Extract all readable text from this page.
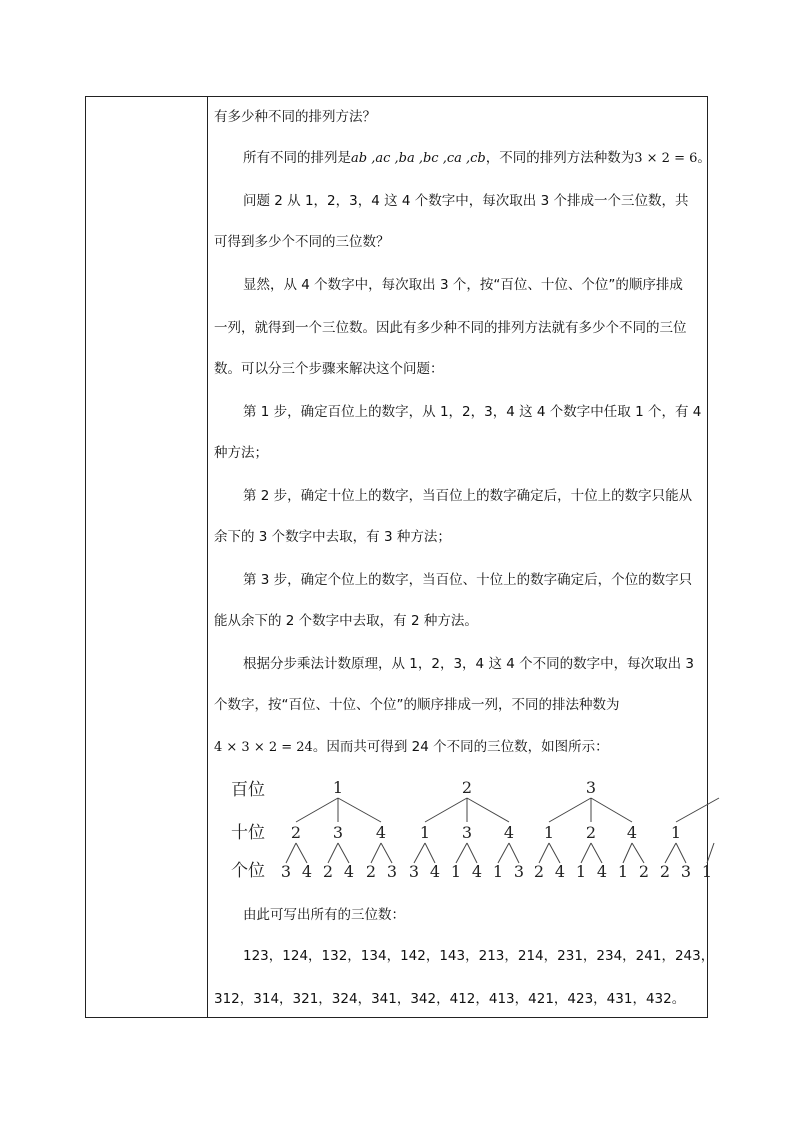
有多少种不同的排列方法？
所有不同的排列是ab ,ac ,ba ,bc ,ca ,cb，不同的排列方法种数为3 × 2 = 6。
问题 2 从 1，2，3，4 这 4 个数字中，每次取出 3 个排成一个三位数，共
可得到多少个不同的三位数？
显然，从 4 个数字中，每次取出 3 个，按“百位、十位、个位”的顺序排成
一列，就得到一个三位数。因此有多少种不同的排列方法就有多少个不同的三位
数。可以分三个步骤来解决这个问题：
第 1 步，确定百位上的数字，从 1，2，3，4 这 4 个数字中任取 1 个，有 4
种方法；
第 2 步，确定十位上的数字，当百位上的数字确定后，十位上的数字只能从
余下的 3 个数字中去取，有 3 种方法；
第 3 步，确定个位上的数字，当百位、十位上的数字确定后，个位的数字只
能从余下的 2 个数字中去取，有 2 种方法。
根据分步乘法计数原理，从 1，2，3，4 这 4 个不同的数字中，每次取出 3
个数字，按“百位、十位、个位”的顺序排成一列，不同的排法种数为
4 × 3 × 2 = 24。因而共可得到 24 个不同的三位数，如图所示：
由此可写出所有的三位数：
123，124，132，134，142，143，213，214，231，234，241，243，
312，314，321，324，341，342，412，413，421，423，431，432。
百位
十位
个位
1	2	3
2 3 4 1 3 4 1 2 4 1
3 4 2 4 2 3 3 4 1 4 1 3 2 4 1 4 1 2 2 3 1
